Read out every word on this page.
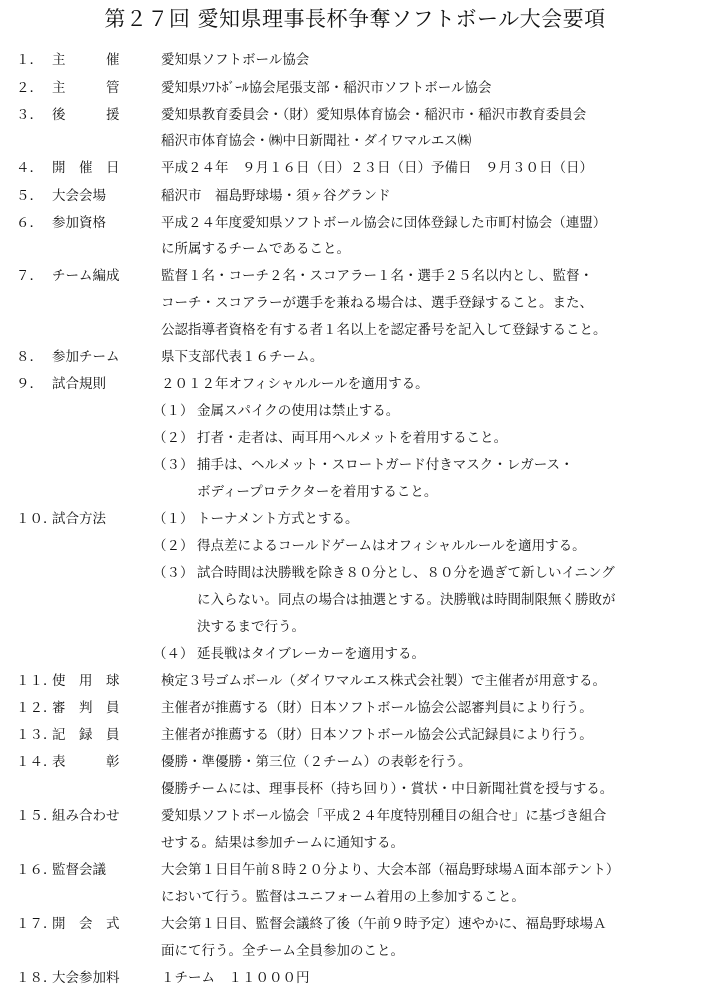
第２７回 愛知県理事長杯争奪ソフトボール大会要項
１． 主　　　催	愛知県ソフトボール協会
２． 主　　　管	愛知県ｿﾌﾄﾎﾞｰﾙ協会尾張支部・稲沢市ソフトボール協会
３． 後　　　援	愛知県教育委員会・（財）愛知県体育協会・稲沢市・稲沢市教育委員会
稲沢市体育協会・㈱中日新聞社・ダイワマルエス㈱
４． 開　催　日	平成２４年　９月１６日（日）２３日（日）予備日　９月３０日（日）
５． 大会会場	稲沢市　福島野球場・須ヶ谷グランド
６． 参加資格	平成２４年度愛知県ソフトボール協会に団体登録した市町村協会（連盟）
に所属するチームであること。
７． チーム編成	監督１名・コーチ２名・スコアラー１名・選手２５名以内とし、監督・
コーチ・スコアラーが選手を兼ねる場合は、選手登録すること。また、
公認指導者資格を有する者１名以上を認定番号を記入して登録すること。
８． 参加チーム	県下支部代表１６チーム。
９． 試合規則	２０１２年オフィシャルルールを適用する。
（１） 金属スパイクの使用は禁止する。
（２） 打者・走者は、両耳用ヘルメットを着用すること。
（３） 捕手は、ヘルメット・スロートガード付きマスク・レガース・
ボディープロテクターを着用すること。
１０．
試合方法	（１） トーナメント方式とする。
（２） 得点差によるコールドゲームはオフィシャルルールを適用する。
（３） 試合時間は決勝戦を除き８０分とし、８０分を過ぎて新しいイニング
に入らない。同点の場合は抽選とする。決勝戦は時間制限無く勝敗が
決するまで行う。
（４） 延長戦はタイブレーカーを適用する。
１１．
使　用　球	検定３号ゴムボール（ダイワマルエス株式会社製）で主催者が用意する。
１２．
審　判　員	主催者が推薦する（財）日本ソフトボール協会公認審判員により行う。
１３．
記　録　員	主催者が推薦する（財）日本ソフトボール協会公式記録員により行う。
１４．
表　　　彰	優勝・準優勝・第三位（２チーム）の表彰を行う。
優勝チームには、理事長杯（持ち回り）・賞状・中日新聞社賞を授与する。
１５．
組み合わせ	愛知県ソフトボール協会「平成２４年度特別種目の組合せ」に基づき組合
せする。結果は参加チームに通知する。
１６．
監督会議	大会第１日目午前８時２０分より、大会本部（福島野球場Ａ面本部テント）
において行う。監督はユニフォーム着用の上参加すること。
１７．
開　会　式	大会第１日目、監督会議終了後（午前９時予定）速やかに、福島野球場Ａ
面にて行う。全チーム全員参加のこと。
１８．
大会参加料	１チーム　１１０００円
